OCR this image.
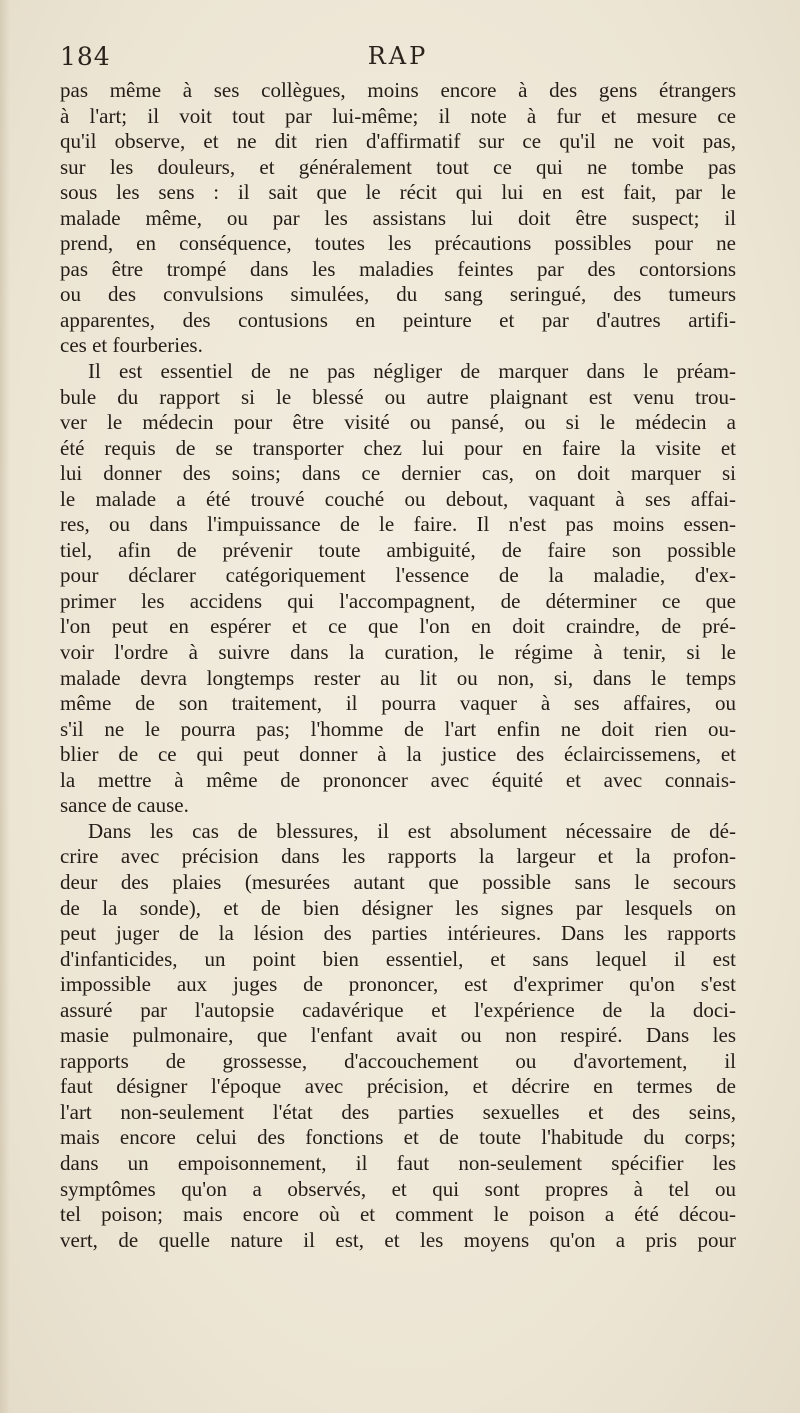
184	RAP
pas même à ses collègues, moins encore à des gens étrangers
à l'art; il voit tout par lui-même; il note à fur et mesure ce
qu'il observe, et ne dit rien d'affirmatif sur ce qu'il ne voit pas,
sur les douleurs, et généralement tout ce qui ne tombe pas
sous les sens : il sait que le récit qui lui en est fait, par le
malade même, ou par les assistans lui doit être suspect; il
prend, en conséquence, toutes les précautions possibles pour ne
pas être trompé dans les maladies feintes par des contorsions
ou des convulsions simulées, du sang seringué, des tumeurs
apparentes, des contusions en peinture et par d'autres artifi-
ces et fourberies.
Il est essentiel de ne pas négliger de marquer dans le préam-
bule du rapport si le blessé ou autre plaignant est venu trou-
ver le médecin pour être visité ou pansé, ou si le médecin a
été requis de se transporter chez lui pour en faire la visite et
lui donner des soins; dans ce dernier cas, on doit marquer si
le malade a été trouvé couché ou debout, vaquant à ses affai-
res, ou dans l'impuissance de le faire. Il n'est pas moins essen-
tiel, afin de prévenir toute ambiguité, de faire son possible
pour déclarer catégoriquement l'essence de la maladie, d'ex-
primer les accidens qui l'accompagnent, de déterminer ce que
l'on peut en espérer et ce que l'on en doit craindre, de pré-
voir l'ordre à suivre dans la curation, le régime à tenir, si le
malade devra longtemps rester au lit ou non, si, dans le temps
même de son traitement, il pourra vaquer à ses affaires, ou
s'il ne le pourra pas; l'homme de l'art enfin ne doit rien ou-
blier de ce qui peut donner à la justice des éclaircissemens, et
la mettre à même de prononcer avec équité et avec connais-
sance de cause.
Dans les cas de blessures, il est absolument nécessaire de dé-
crire avec précision dans les rapports la largeur et la profon-
deur des plaies (mesurées autant que possible sans le secours
de la sonde), et de bien désigner les signes par lesquels on
peut juger de la lésion des parties intérieures. Dans les rapports
d'infanticides, un point bien essentiel, et sans lequel il est
impossible aux juges de prononcer, est d'exprimer qu'on s'est
assuré par l'autopsie cadavérique et l'expérience de la doci-
masie pulmonaire, que l'enfant avait ou non respiré. Dans les
rapports de grossesse, d'accouchement ou d'avortement, il
faut désigner l'époque avec précision, et décrire en termes de
l'art non-seulement l'état des parties sexuelles et des seins,
mais encore celui des fonctions et de toute l'habitude du corps;
dans un empoisonnement, il faut non-seulement spécifier les
symptômes qu'on a observés, et qui sont propres à tel ou
tel poison; mais encore où et comment le poison a été décou-
vert, de quelle nature il est, et les moyens qu'on a pris pour
